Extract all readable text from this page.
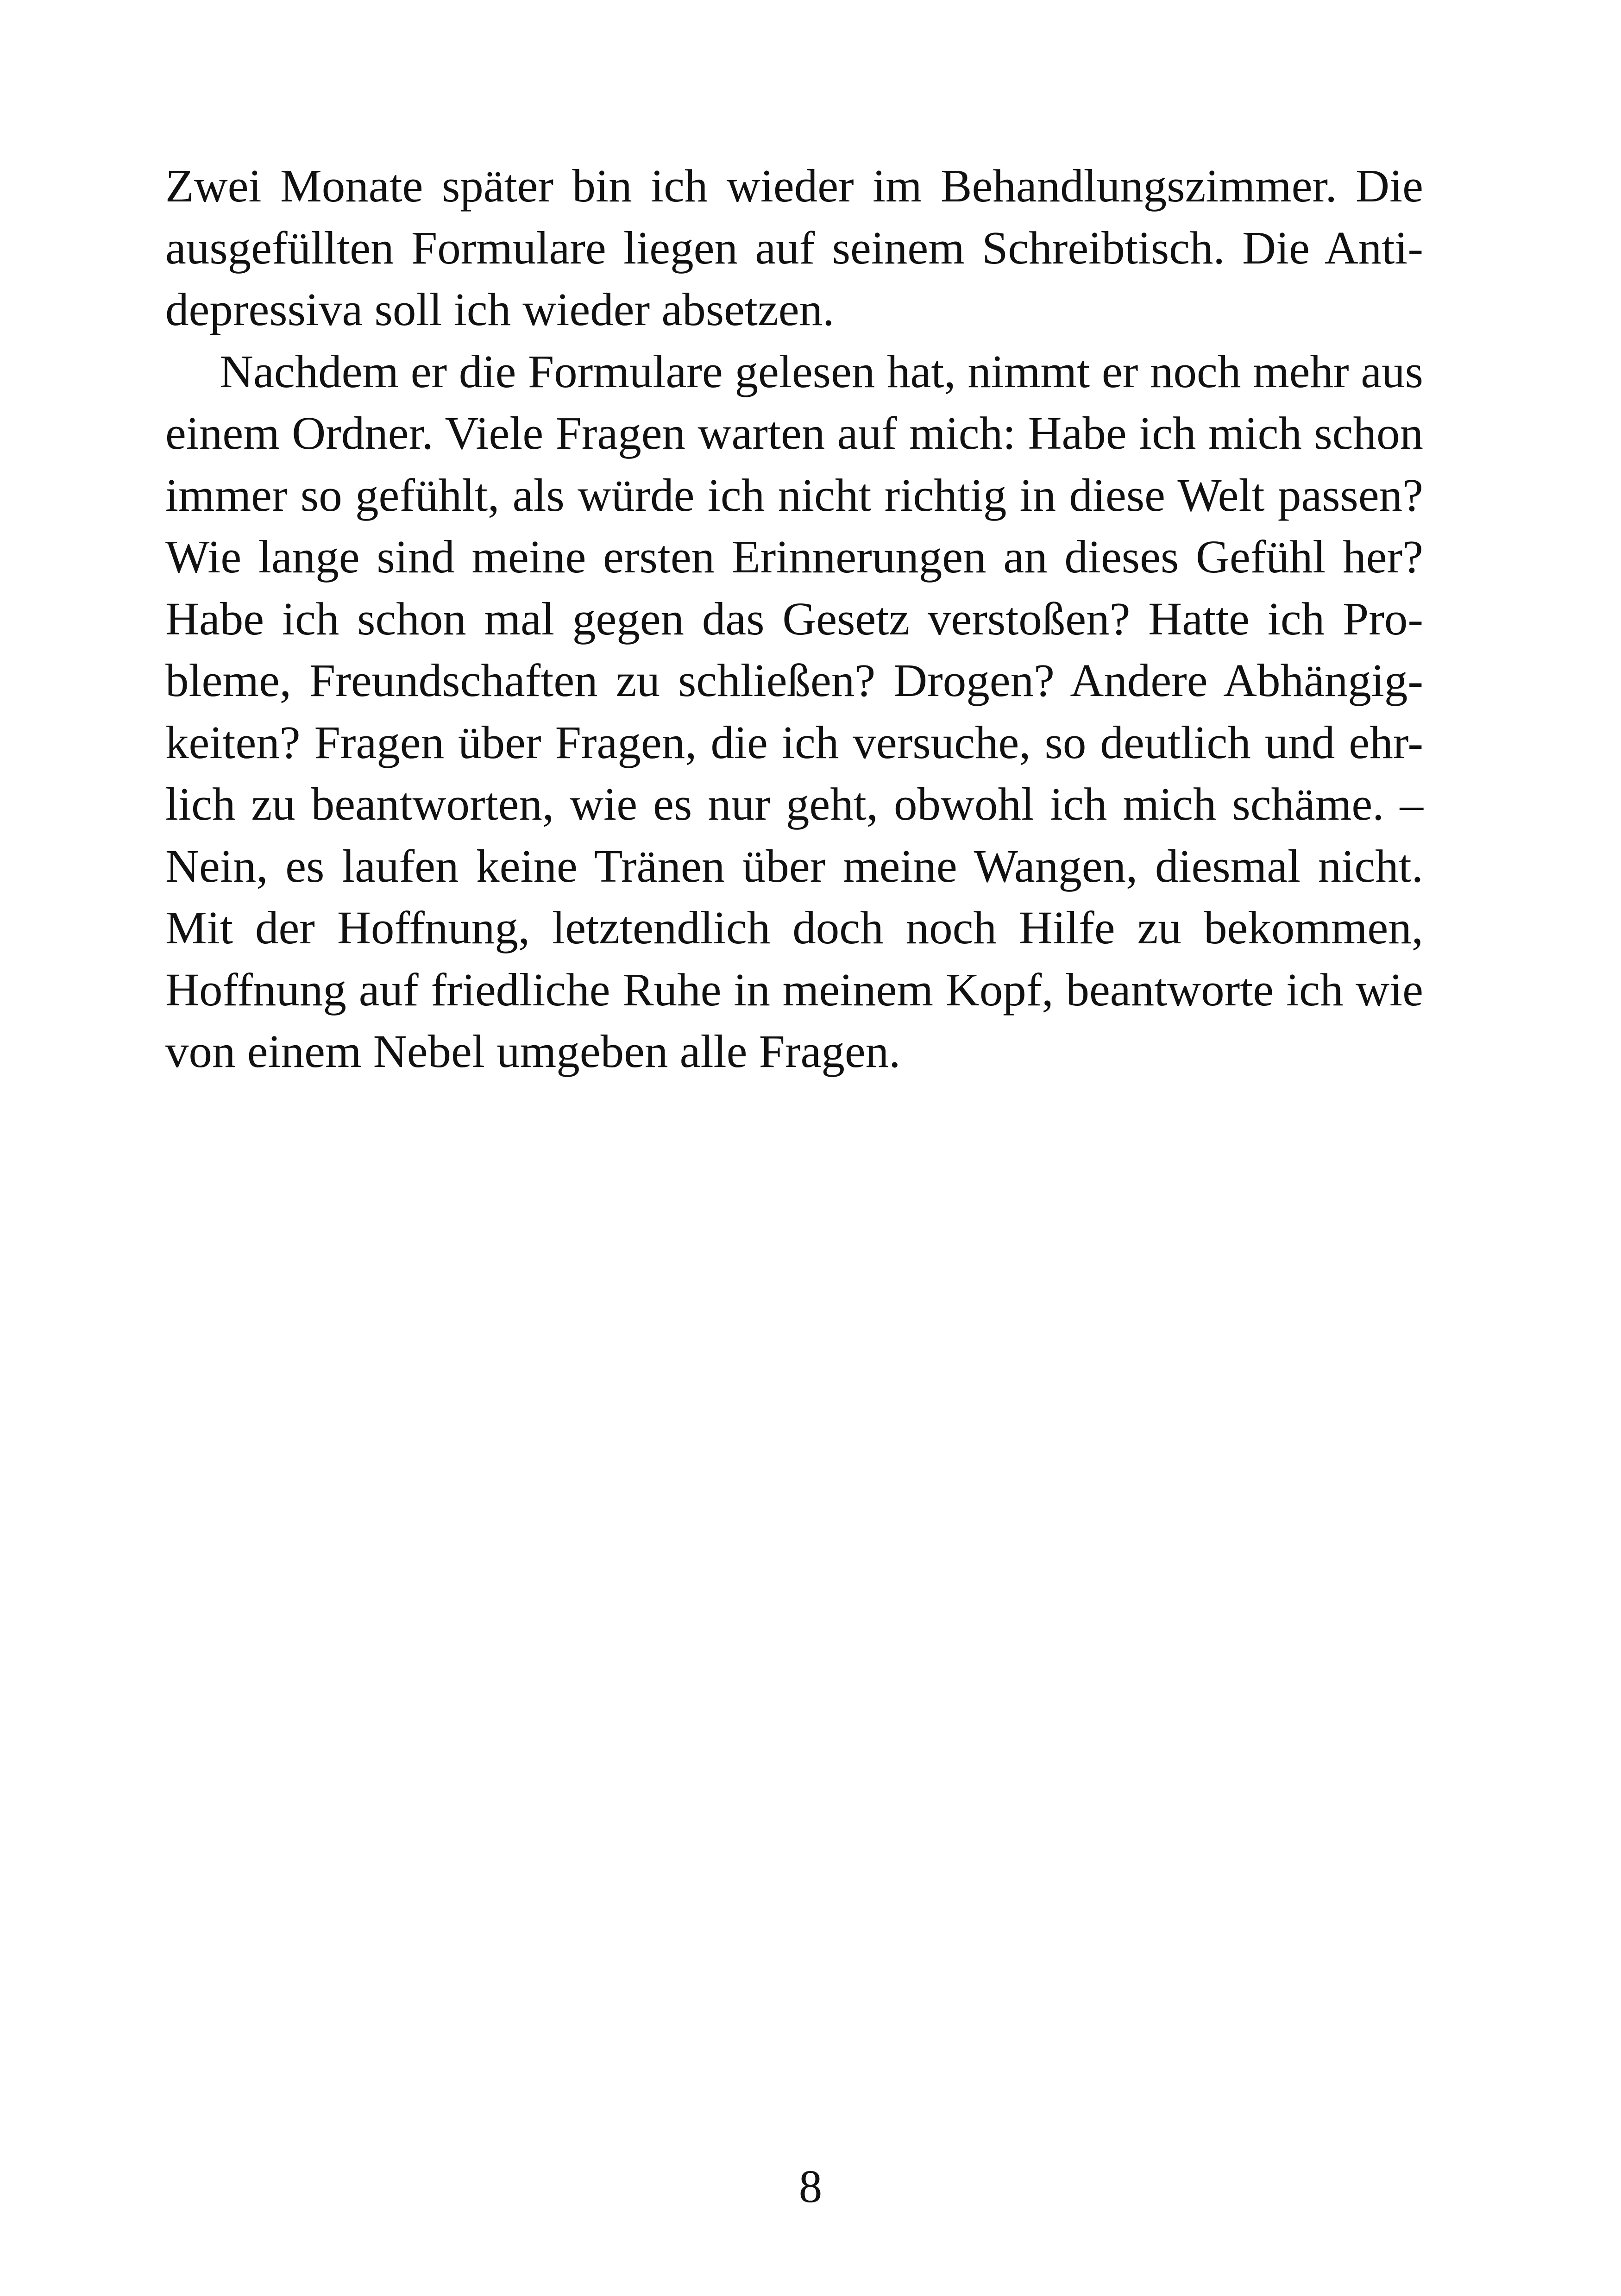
Zwei Monate später bin ich wieder im Behandlungszimmer. Die
ausgefüllten Formulare liegen auf seinem Schreibtisch. Die Anti-
depressiva soll ich wieder absetzen.
Nachdem er die Formulare gelesen hat, nimmt er noch mehr aus
einem Ordner. Viele Fragen warten auf mich: Habe ich mich schon
immer so gefühlt, als würde ich nicht richtig in diese Welt passen?
Wie lange sind meine ersten Erinnerungen an dieses Gefühl her?
Habe ich schon mal gegen das Gesetz verstoßen? Hatte ich Pro-
bleme, Freundschaften zu schließen? Drogen? Andere Abhängig-
keiten? Fragen über Fragen, die ich versuche, so deutlich und ehr-
lich zu beantworten, wie es nur geht, obwohl ich mich schäme. –
Nein, es laufen keine Tränen über meine Wangen, diesmal nicht.
Mit der Hoffnung, letztendlich doch noch Hilfe zu bekommen,
Hoffnung auf friedliche Ruhe in meinem Kopf, beantworte ich wie
von einem Nebel umgeben alle Fragen.
8
